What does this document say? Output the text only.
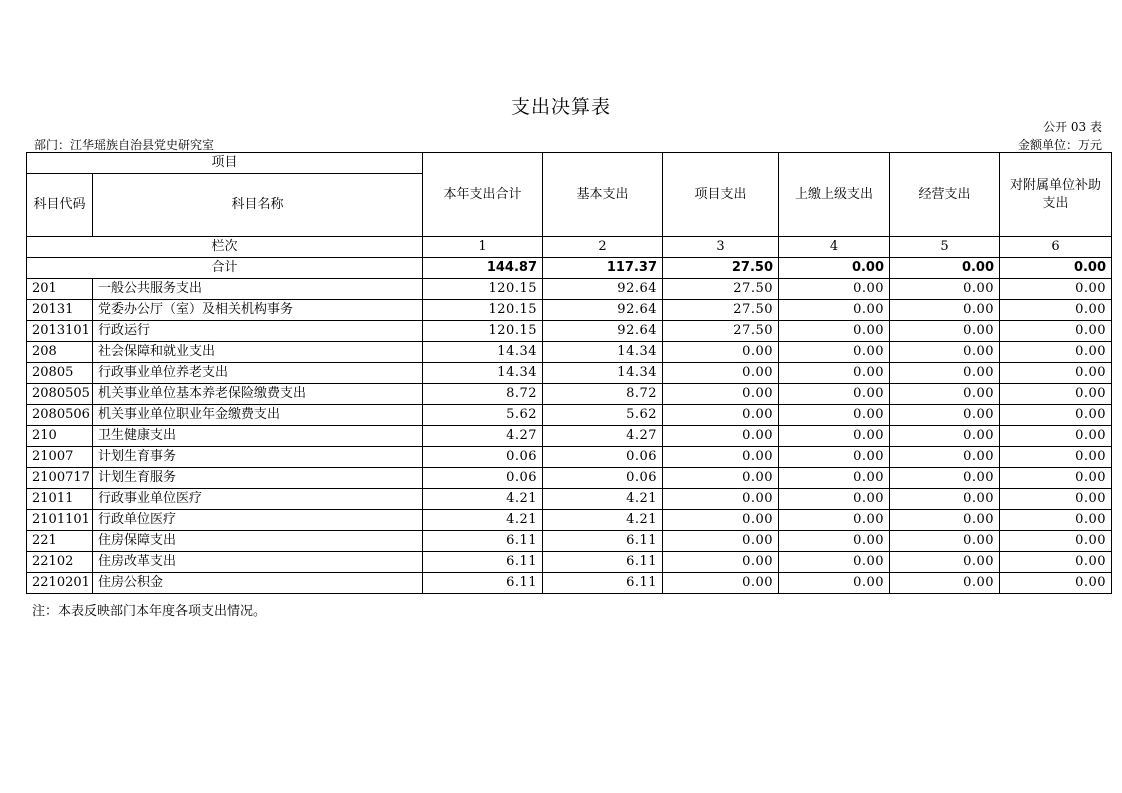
支出决算表
公开 03 表
部门：江华瑶族自治县党史研究室	金额单位：万元
项目		本年支出合计	基本支出	项目支出	上缴上级支出	经营支出	对附属单位补助支出
科目代码	科目名称						
栏次		1	2	3	4	5	6
合计		144.87	117.37	27.50	0.00	0.00	0.00
201	一般公共服务支出	120.15	92.64	27.50	0.00	0.00	0.00
20131	党委办公厅（室）及相关机构事务	120.15	92.64	27.50	0.00	0.00	0.00
2013101	行政运行	120.15	92.64	27.50	0.00	0.00	0.00
208	社会保障和就业支出	14.34	14.34	0.00	0.00	0.00	0.00
20805	行政事业单位养老支出	14.34	14.34	0.00	0.00	0.00	0.00
2080505	机关事业单位基本养老保险缴费支出	8.72	8.72	0.00	0.00	0.00	0.00
2080506	机关事业单位职业年金缴费支出	5.62	5.62	0.00	0.00	0.00	0.00
210	卫生健康支出	4.27	4.27	0.00	0.00	0.00	0.00
21007	计划生育事务	0.06	0.06	0.00	0.00	0.00	0.00
2100717	计划生育服务	0.06	0.06	0.00	0.00	0.00	0.00
21011	行政事业单位医疗	4.21	4.21	0.00	0.00	0.00	0.00
2101101	行政单位医疗	4.21	4.21	0.00	0.00	0.00	0.00
221	住房保障支出	6.11	6.11	0.00	0.00	0.00	0.00
22102	住房改革支出	6.11	6.11	0.00	0.00	0.00	0.00
2210201	住房公积金	6.11	6.11	0.00	0.00	0.00	0.00
注：本表反映部门本年度各项支出情况。
